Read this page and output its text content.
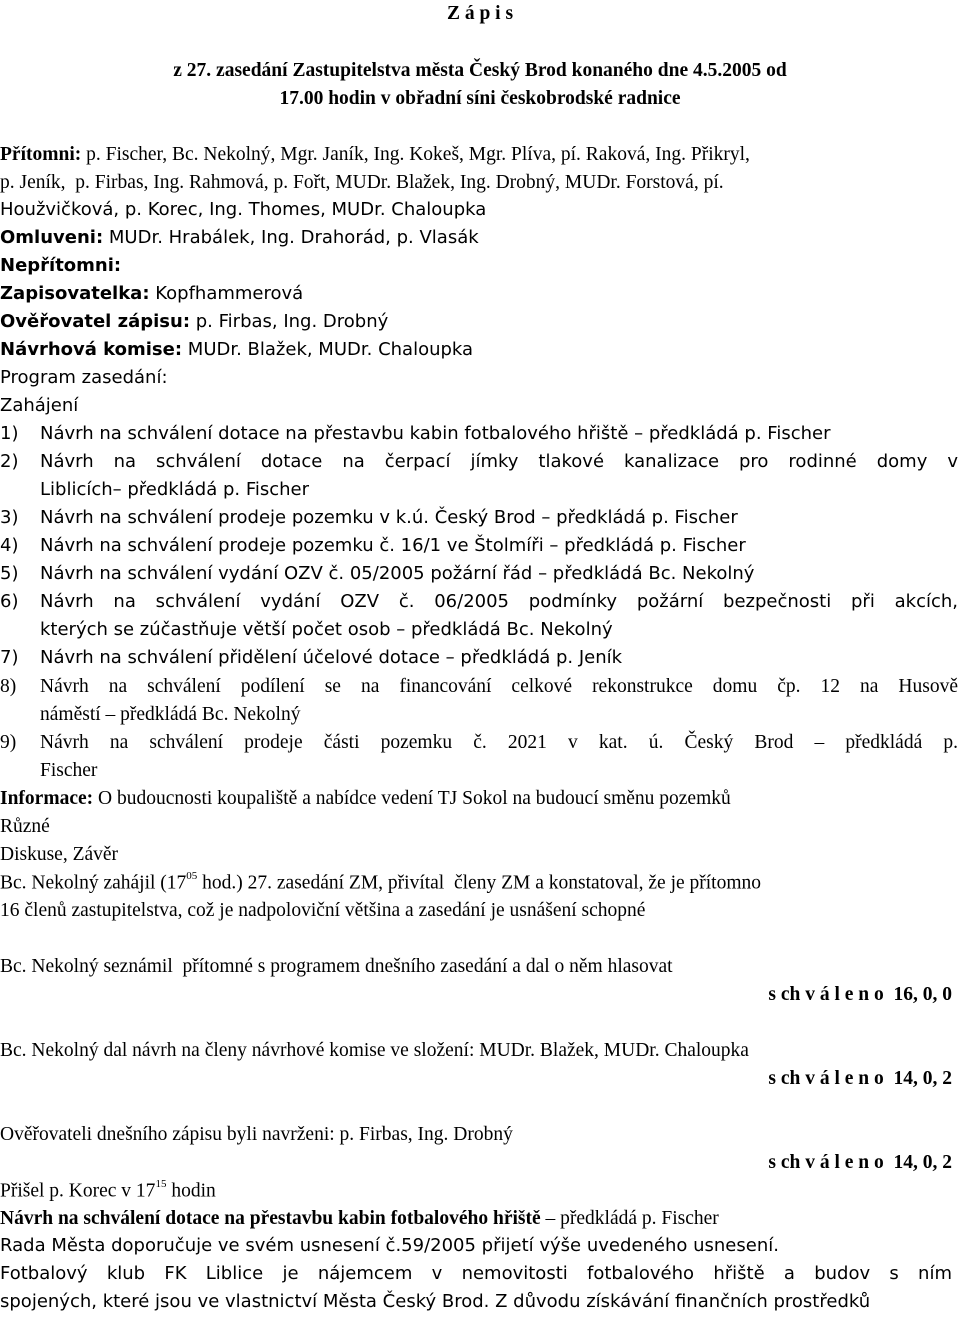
Z á p i s
z 27. zasedání Zastupitelstva města Český Brod konaného dne 4.5.2005 od
17.00 hodin v obřadní síni českobrodské radnice
Přítomni: p. Fischer, Bc. Nekolný, Mgr. Janík, Ing. Kokeš, Mgr. Plíva, pí. Raková, Ing. Přikryl,
p. Jeník,  p. Firbas, Ing. Rahmová, p. Fořt, MUDr. Blažek, Ing. Drobný, MUDr. Forstová, pí.
Houžvičková, p. Korec, Ing. Thomes, MUDr. Chaloupka
Omluveni: MUDr. Hrabálek, Ing. Drahorád, p. Vlasák
Nepřítomni:
Zapisovatelka: Kopfhammerová
Ověřovatel zápisu: p. Firbas, Ing. Drobný
Návrhová komise: MUDr. Blažek, MUDr. Chaloupka
Program zasedání:
Zahájení
1)	Návrh na schválení dotace na přestavbu kabin fotbalového hřiště – předkládá p. Fischer
2)	Návrh na schválení dotace na čerpací jímky tlakové kanalizace pro rodinné domy v
Liblicích– předkládá p. Fischer
3)	Návrh na schválení prodeje pozemku v k.ú. Český Brod – předkládá p. Fischer
4)	Návrh na schválení prodeje pozemku č. 16/1 ve Štolmíři – předkládá p. Fischer
5)	Návrh na schválení vydání OZV č. 05/2005 požární řád – předkládá Bc. Nekolný
6)	Návrh na schválení vydání OZV č. 06/2005 podmínky požární bezpečnosti při akcích,
kterých se zúčastňuje větší počet osob – předkládá Bc. Nekolný
7)	Návrh na schválení přidělení účelové dotace – předkládá p. Jeník
8)	Návrh na schválení podílení se na financování celkové rekonstrukce domu čp. 12 na Husově
náměstí – předkládá Bc. Nekolný
9)	Návrh na schválení prodeje části pozemku č. 2021 v kat. ú. Český Brod – předkládá p.
Fischer
Informace: O budoucnosti koupaliště a nabídce vedení TJ Sokol na budoucí směnu pozemků
Různé
Diskuse, Závěr
Bc. Nekolný zahájil ($17^{05}$ hod.) 27. zasedání ZM, přivítal  členy ZM a konstatoval, že je přítomno
16 členů zastupitelstva, což je nadpoloviční většina a zasedání je usnášení schopné
Bc. Nekolný seznámil  přítomné s programem dnešního zasedání a dal o něm hlasovat
s ch v á l e n o  16, 0, 0
Bc. Nekolný dal návrh na členy návrhové komise ve složení: MUDr. Blažek, MUDr. Chaloupka
s ch v á l e n o  14, 0, 2
Ověřovateli dnešního zápisu byli navrženi: p. Firbas, Ing. Drobný
s ch v á l e n o  14, 0, 2
Přišel p. Korec v $17^{15}$ hodin
Návrh na schválení dotace na přestavbu kabin fotbalového hřiště – předkládá p. Fischer
Rada Města doporučuje ve svém usnesení č.59/2005 přijetí výše uvedeného usnesení.
Fotbalový klub FK Liblice je nájemcem v nemovitosti fotbalového hřiště a budov s ním
spojených, které jsou ve vlastnictví Města Český Brod. Z důvodu získávání finančních prostředků
